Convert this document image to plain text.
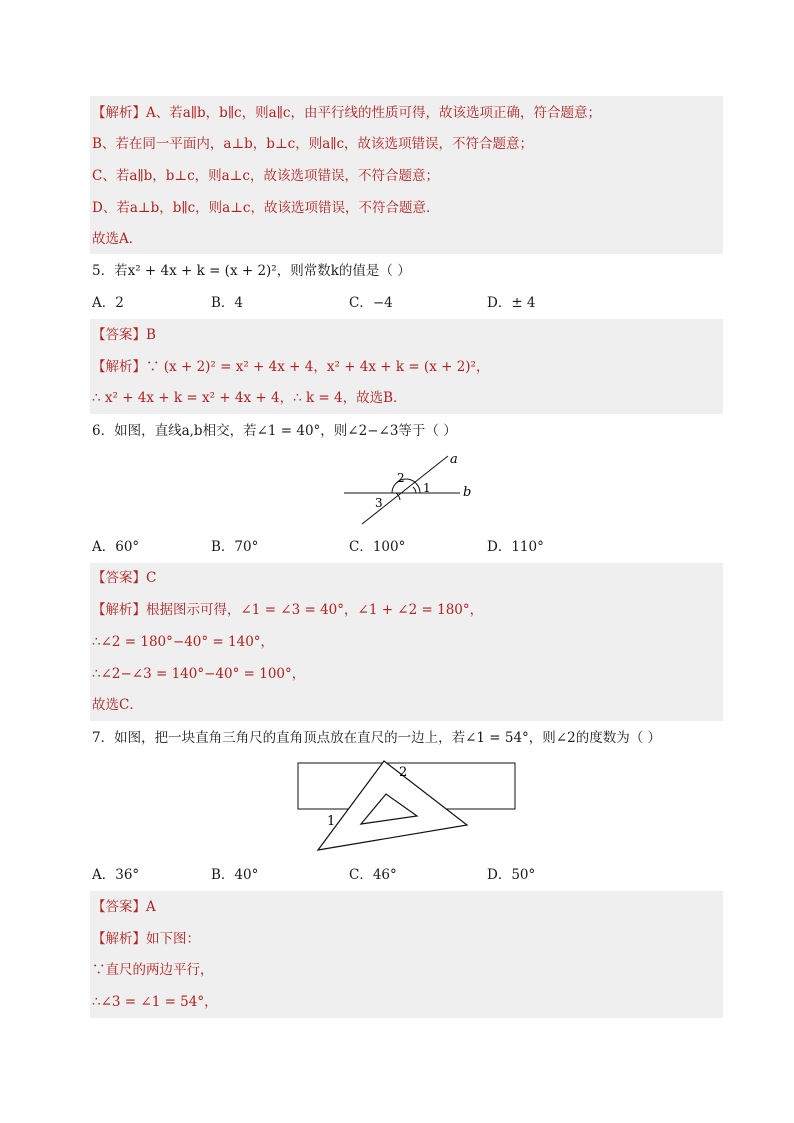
【解析】A、若a∥b，b∥c，则a∥c，由平行线的性质可得，故该选项正确，符合题意；
B、若在同一平面内，a⊥b，b⊥c，则a∥c，故该选项错误，不符合题意；
C、若a∥b，b⊥c，则a⊥c，故该选项错误，不符合题意；
D、若a⊥b，b∥c，则a⊥c，故该选项错误，不符合题意．
故选A．
5．若x² + 4x + k = (x + 2)²，则常数k的值是（ ）
A．2	B．4	C．−4	D．± 4
【答案】B
【解析】∵ (x + 2)² = x² + 4x + 4，x² + 4x + k = (x + 2)²，
∴ x² + 4x + k = x² + 4x + 4，∴ k = 4，故选B．
6．如图，直线a,b相交，若∠1 = 40°，则∠2−∠3等于（ ）
a
b
1
2
3
A．60°	B．70°	C．100°	D．110°
【答案】C
【解析】根据图示可得，∠1 = ∠3 = 40°，∠1 + ∠2 = 180°，
∴∠2 = 180°−40° = 140°，
∴∠2−∠3 = 140°−40° = 100°，
故选C．
7．如图，把一块直角三角尺的直角顶点放在直尺的一边上，若∠1 = 54°，则∠2的度数为（ ）
1
2
A．36°	B．40°	C．46°	D．50°
【答案】A
【解析】如下图：
∵直尺的两边平行，
∴∠3 = ∠1 = 54°，
